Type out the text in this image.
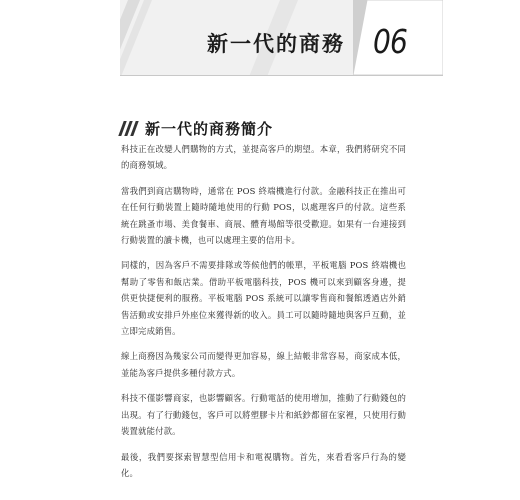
新一代的商務 06
新一代的商務簡介

科技正在改變人們購物的方式，並提高客戶的期望。本章，我們將研究不同的商務領域。

當我們到商店購物時，通常在 POS 終端機進行付款。金融科技正在推出可在任何行動裝置上隨時隨地使用的行動 POS，以處理客戶的付款。這些系統在跳蚤市場、美食餐車、商展、體育場館等很受歡迎。如果有一台連接到行動裝置的讀卡機，也可以處理主要的信用卡。

同樣的，因為客戶不需要排隊或等候他們的帳單，平板電腦 POS 終端機也幫助了零售和飯店業。借助平板電腦科技，POS 機可以來到顧客身邊，提供更快捷便利的服務。平板電腦 POS 系統可以讓零售商和餐館透過店外銷售活動或安排戶外座位來獲得新的收入。員工可以隨時隨地與客戶互動，並立即完成銷售。

線上商務因為幾家公司而變得更加容易，線上結帳非常容易，商家成本低，並能為客戶提供多種付款方式。

科技不僅影響商家，也影響顧客。行動電話的使用增加，推動了行動錢包的出現。有了行動錢包，客戶可以將塑膠卡片和紙鈔都留在家裡，只使用行動裝置就能付款。

最後，我們要探索智慧型信用卡和電視購物。首先，來看看客戶行為的變化。
